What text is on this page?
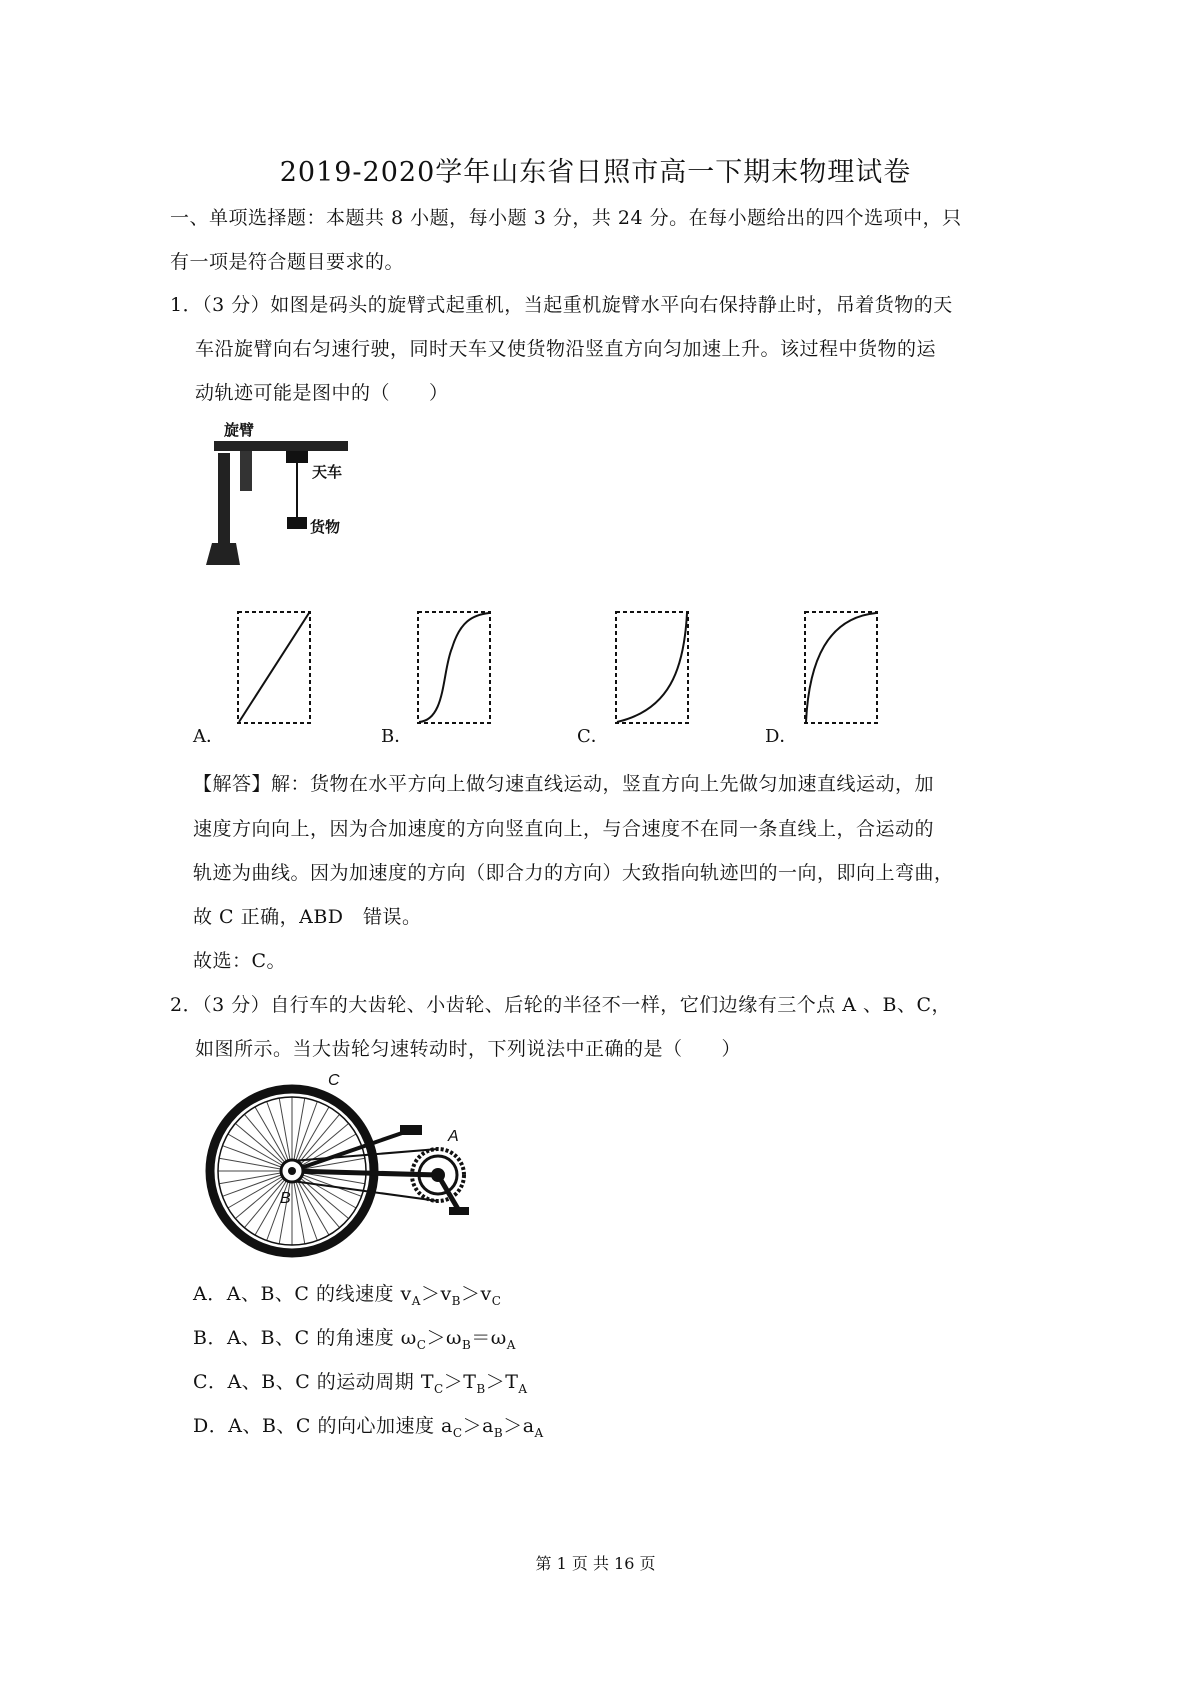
2019-2020学年山东省日照市高一下期末物理试卷
一、单项选择题：本题共 8 小题，每小题 3 分，共 24 分。在每小题给出的四个选项中，只
有一项是符合题目要求的。
1．（3 分）如图是码头的旋臂式起重机，当起重机旋臂水平向右保持静止时，吊着货物的天
车沿旋臂向右匀速行驶，同时天车又使货物沿竖直方向匀加速上升。该过程中货物的运
动轨迹可能是图中的（　　）
旋臂
天车
货物
A．	B．	C．	D．
【解答】解：货物在水平方向上做匀速直线运动，竖直方向上先做匀加速直线运动，加
速度方向向上，因为合加速度的方向竖直向上，与合速度不在同一条直线上，合运动的
轨迹为曲线。因为加速度的方向（即合力的方向）大致指向轨迹凹的一向，即向上弯曲，
故 C 正确，ABD　错误。
故选：C。
2．（3 分）自行车的大齿轮、小齿轮、后轮的半径不一样，它们边缘有三个点 A 、B、C，
如图所示。当大齿轮匀速转动时，下列说法中正确的是（　　）
C
A
B
A．A、B、C 的线速度 $v_A>v_B>v_C$
B．A、B、C 的角速度 $\omega_C>\omega_B=\omega_A$
C．A、B、C 的运动周期 $T_C>T_B>T_A$
D．A、B、C 的向心加速度 $a_C>a_B>a_A$
第 1 页 共 16 页
